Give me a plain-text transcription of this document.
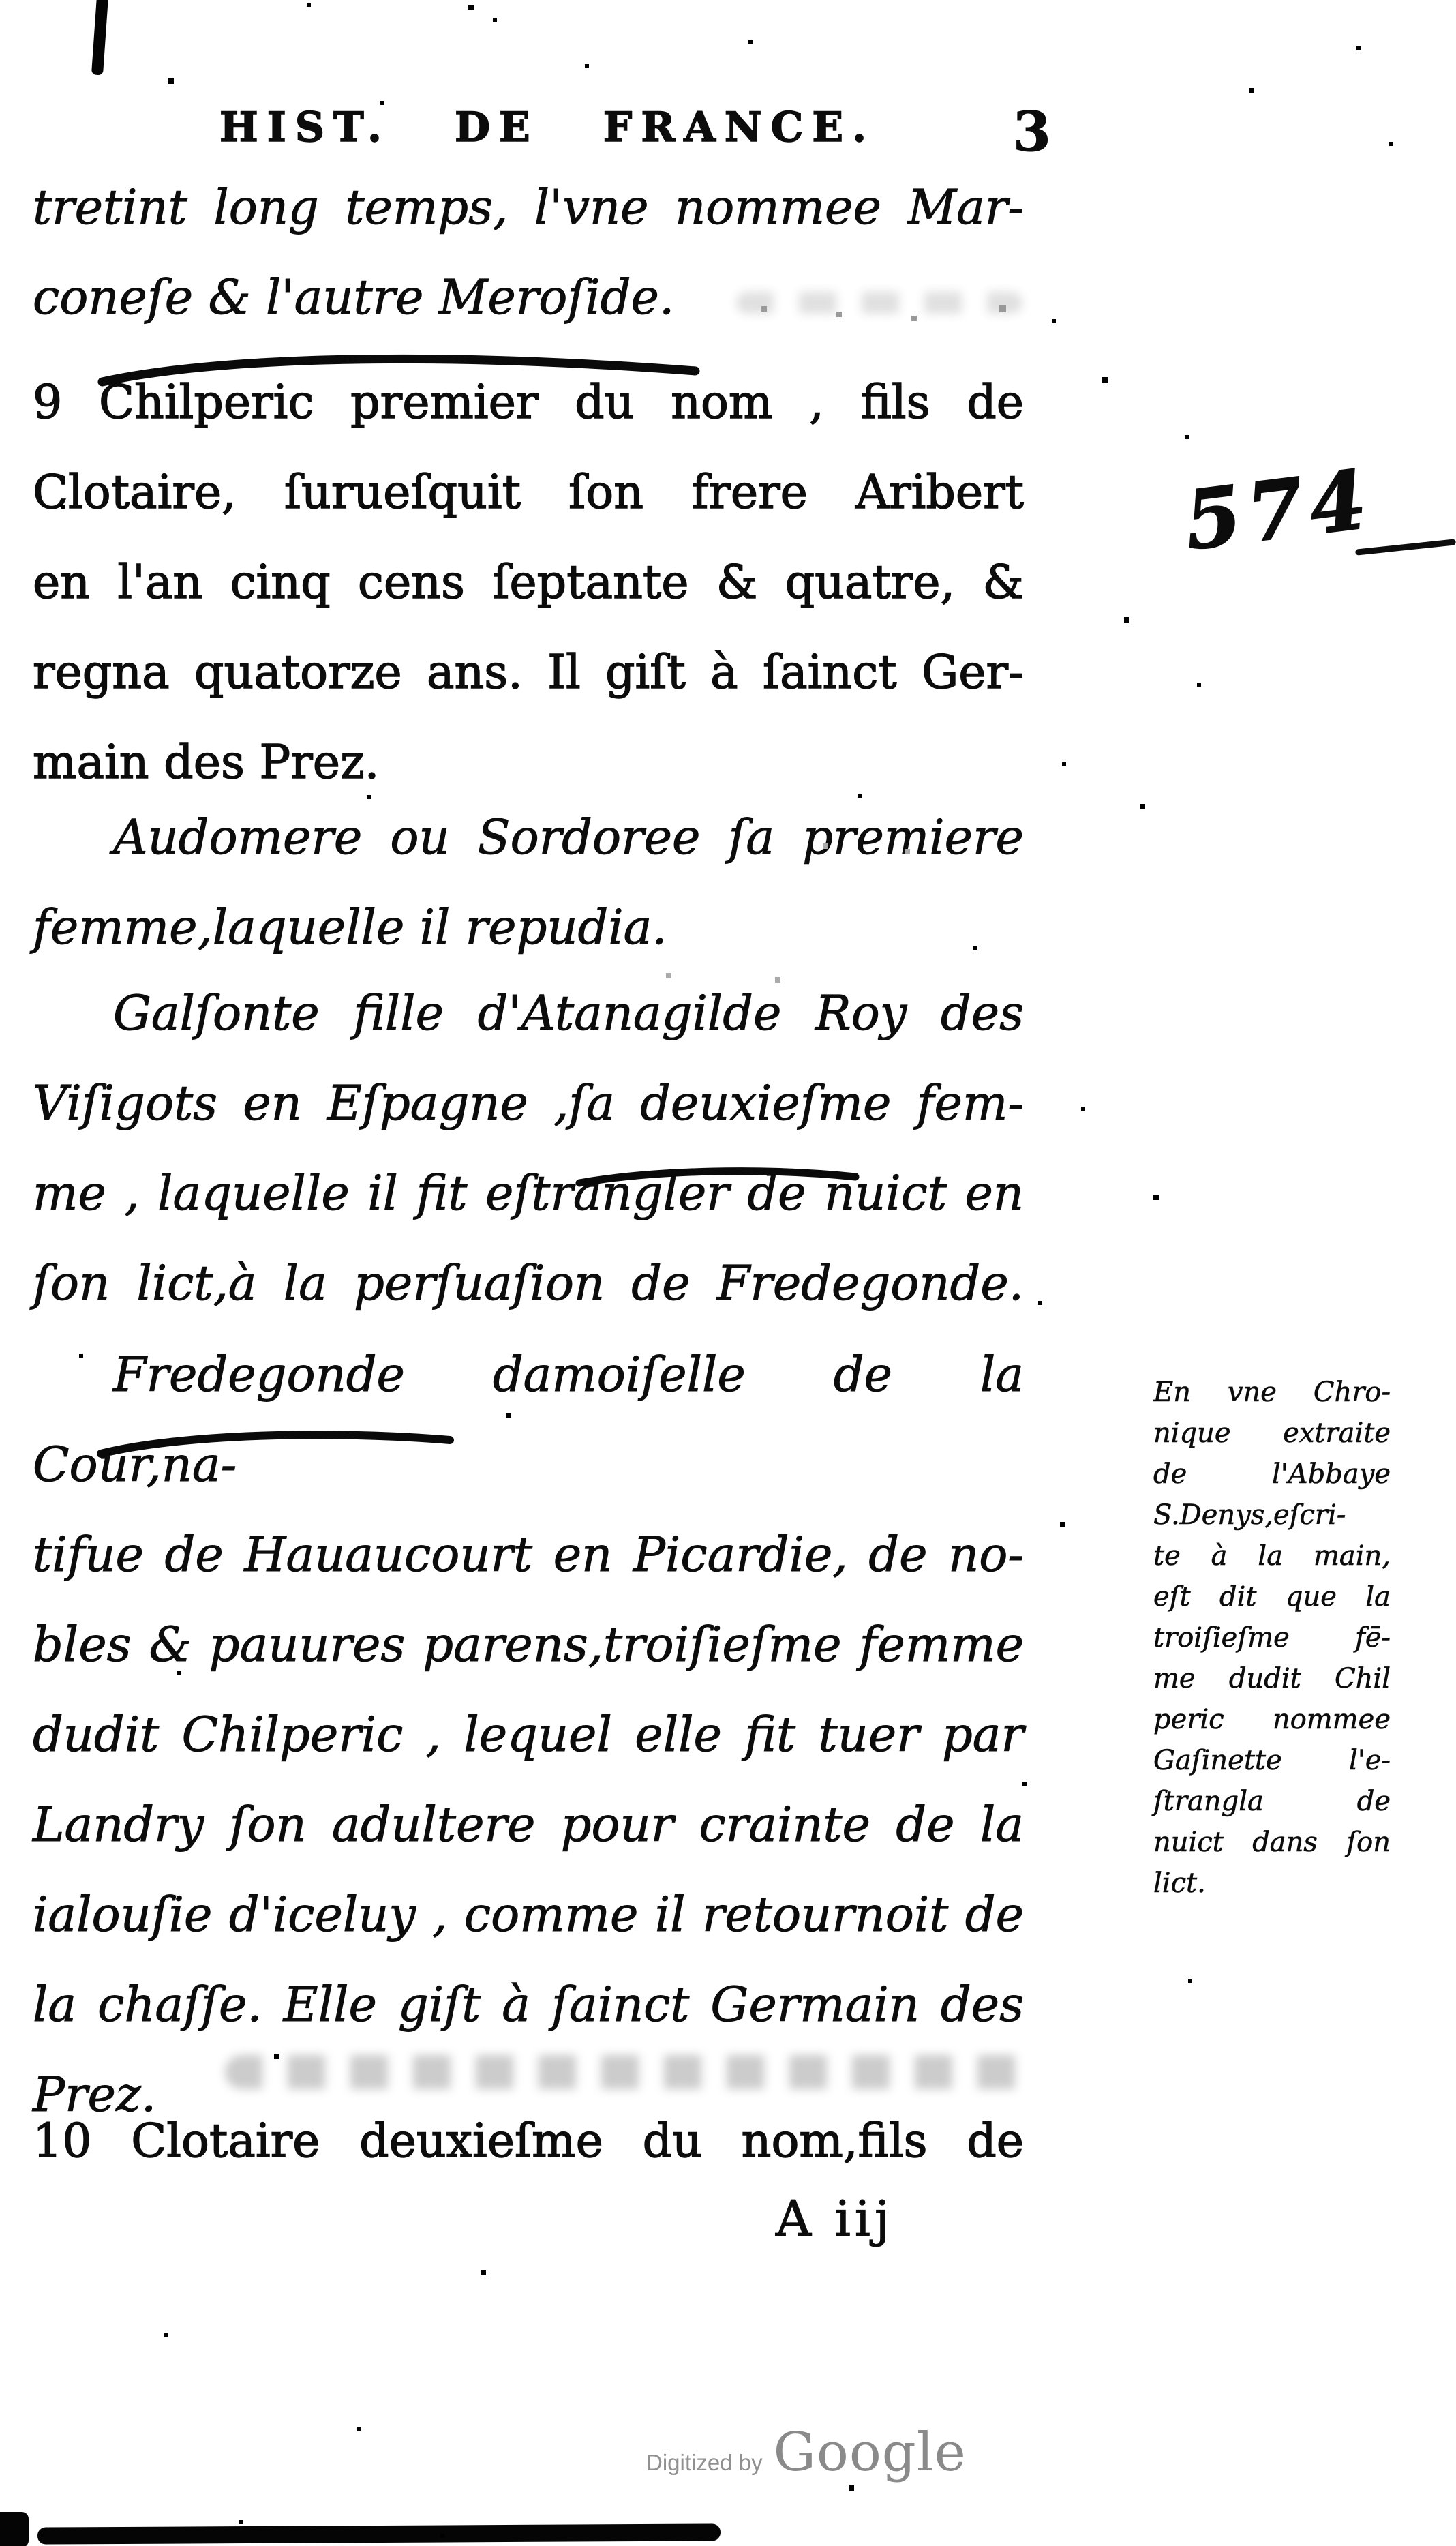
HIST. DE FRANCE.	3
tretint long temps, l'vne nommee Mar-
coneſe & l'autre Meroſide.
9 Chilperic premier du nom , fils de
Clotaire, ſurueſquit ſon frere Aribert
en l'an cinq cens ſeptante & quatre, &
regna quatorze ans. Il giſt à ſainct Ger-
main des Prez.
574
Audomere ou Sordoree ſa premiere
femme,laquelle il repudia.
Galſonte fille d'Atanagilde Roy des
Viſigots en Eſpagne ,ſa deuxieſme fem-
me , laquelle il fit eſtrangler de nuict en
ſon lict,à la perſuaſion de Fredegonde.
Fredegonde damoiſelle de la Cour,na-
tifue de Hauaucourt en Picardie, de no-
bles & pauures parens,troiſieſme femme
dudit Chilperic , lequel elle fit tuer par
Landry ſon adultere pour crainte de la
ialouſie d'iceluy , comme il retournoit de
la chaſſe. Elle giſt à ſainct Germain des
Prez.
En vne Chro-
nique extraite
de l'Abbaye
S.Denys,eſcri-
te à la main,
eſt dit que la
troiſieſme fē-
me dudit Chil
peric nommee
Gaſinette l'e-
ſtrangla de
nuict dans ſon
lict.
10 Clotaire deuxieſme du nom,fils de
A iij
Digitized by Google
